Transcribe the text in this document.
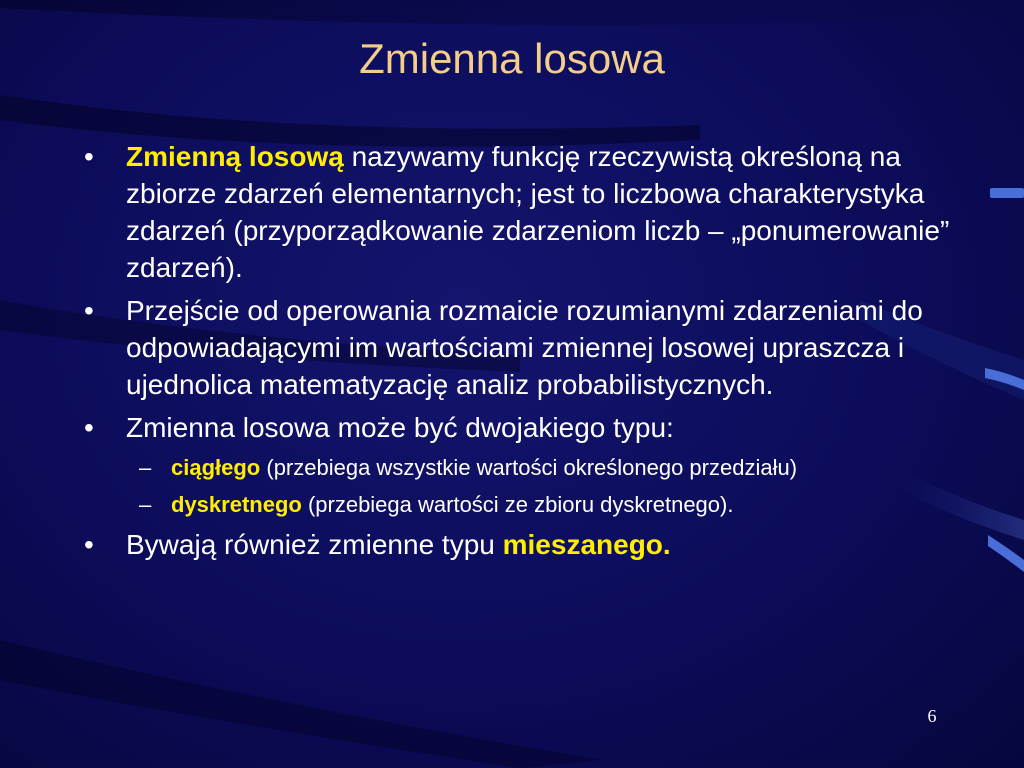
Zmienna losowa
•	Zmienną losową nazywamy funkcję rzeczywistą określoną na zbiorze zdarzeń elementarnych; jest to liczbowa charakterystyka zdarzeń (przyporządkowanie zdarzeniom liczb – „ponumerowanie” zdarzeń).
•	Przejście od operowania rozmaicie rozumianymi zdarzeniami do odpowiadającymi im wartościami zmiennej losowej upraszcza i ujednolica matematyzację analiz probabilistycznych.
•	Zmienna losowa może być dwojakiego typu:
– ciągłego (przebiega wszystkie wartości określonego przedziału)
– dyskretnego (przebiega wartości ze zbioru dyskretnego).
•	Bywają również zmienne typu mieszanego.
6
